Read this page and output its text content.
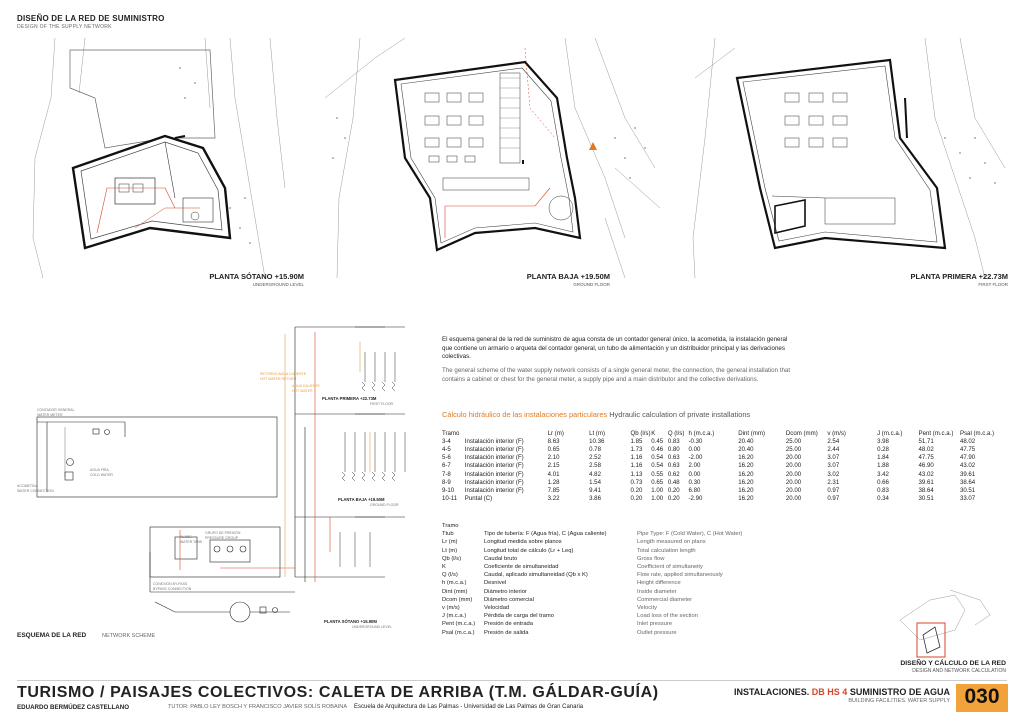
DISEÑO DE LA RED DE SUMINISTRO
DESIGN OF THE SUPPLY NETWORK
PLANTA SÓTANO +15.90M
UNDERGROUND LEVEL
PLANTA BAJA +19.50M
GROUND FLOOR
PLANTA PRIMERA +22.73M
FIRST FLOOR
CONTADOR GENERAL
WATER METER
ACOMETIDA
WATER CONNECTION
ALJIBE
WATER TANK
GRUPO DE PRESIÓN
PRESSURE GROUP
CONEXIÓN BY-PASS
BYPASS CONNECTION
AGUA FRÍA
COLD WATER
AGUA CALIENTE
HOT WATER
RETORNO AGUA CALIENTE
HOT WATER RETURN
PLANTA PRIMERA +22.73M
FIRST FLOOR
PLANTA BAJA +19.50M
GROUND FLOOR
PLANTA SÓTANO +15.90M
UNDERGROUND LEVEL
ESQUEMA DE LA RED	NETWORK SCHEME
El esquema general de la red de suministro de agua consta de un contador general único, la acometida, la instalación general que contiene un armario o arqueta del contador general, un tubo de alimentación y un distribuidor principal y las derivaciones colectivas.
The general scheme of the water supply network consists of a single general meter, the connection, the general installation that contains a cabinet or chest for the general meter, a supply pipe and a main distributor and the collective derivations.
Cálculo hidráulico de las instalaciones particulares Hydraulic calculation of private installations
Tramo		Lr (m)	Lt (m)	Qb (l/s)	K	Q (l/s)	h (m.c.a.)	Dint (mm)	Dcom (mm)	v (m/s)	J (m.c.a.)	Pent (m.c.a.)	Psal (m.c.a.)
3-4	Instalación interior (F)	8.63	10.36	1.85	0.45	0.83	-0.30	20.40	25.00	2.54	3.98	51.71	48.02
4-5	Instalación interior (F)	0.65	0.78	1.73	0.46	0.80	0.00	20.40	25.00	2.44	0.28	48.02	47.75
5-6	Instalación interior (F)	2.10	2.52	1.16	0.54	0.63	-2.00	16.20	20.00	3.07	1.84	47.75	47.90
6-7	Instalación interior (F)	2.15	2.58	1.16	0.54	0.63	2.00	16.20	20.00	3.07	1.88	46.90	43.02
7-8	Instalación interior (F)	4.01	4.82	1.13	0.55	0.62	0.00	16.20	20.00	3.02	3.42	43.02	39.61
8-9	Instalación interior (F)	1.28	1.54	0.73	0.65	0.48	0.30	16.20	20.00	2.31	0.66	39.61	38.64
9-10	Instalación interior (F)	7.85	9.41	0.20	1.00	0.20	6.80	16.20	20.00	0.97	0.83	38.64	30.51
10-11	Puntal (C)	3.22	3.86	0.20	1.00	0.20	-2.90	16.20	20.00	0.97	0.34	30.51	33.07
Tramo		
Ttub	Tipo de tubería: F (Agua fría), C (Agua caliente)	Pipe Type: F (Cold Water), C (Hot Water)
Lr (m)	Longitud medida sobre planos	Length measured on plans
Lt (m)	Longitud total de cálculo (Lr + Leq)	Total calculation length
Qb (l/s)	Caudal bruto	Gross flow
K	Coeficiente de simultaneidad	Coefficient of simultaneity
Q (l/s)	Caudal, aplicado simultaneidad (Qb x K)	Flow rate, applied simultaneously
h (m.c.a.)	Desnivel	Height difference
Dint (mm)	Diámetro interior	Inside diameter
Dcom (mm)	Diámetro comercial	Commercial diameter
v (m/s)	Velocidad	Velocity
J (m.c.a.)	Pérdida de carga del tramo	Load loss of the section
Pent (m.c.a.)	Presión de entrada	Inlet pressure
Psal (m.c.a.)	Presión de salida	Outlet pressure
DISEÑO Y CÁLCULO DE LA RED
DESIGN AND NETWORK CALCULATION
TURISMO / PAISAJES COLECTIVOS: CALETA DE ARRIBA (T.M. GÁLDAR-GUÍA)
EDUARDO BERMÚDEZ CASTELLANO	TUTOR: PABLO LEY BOSCH Y FRANCISCO JAVIER SOLÍS ROBAINA Escuela de Arquitectura de Las Palmas - Universidad de Las Palmas de Gran Canaria
INSTALACIONES. DB HS 4 SUMINISTRO DE AGUA
BUILDING FACILITIES. WATER SUPPLY 030
